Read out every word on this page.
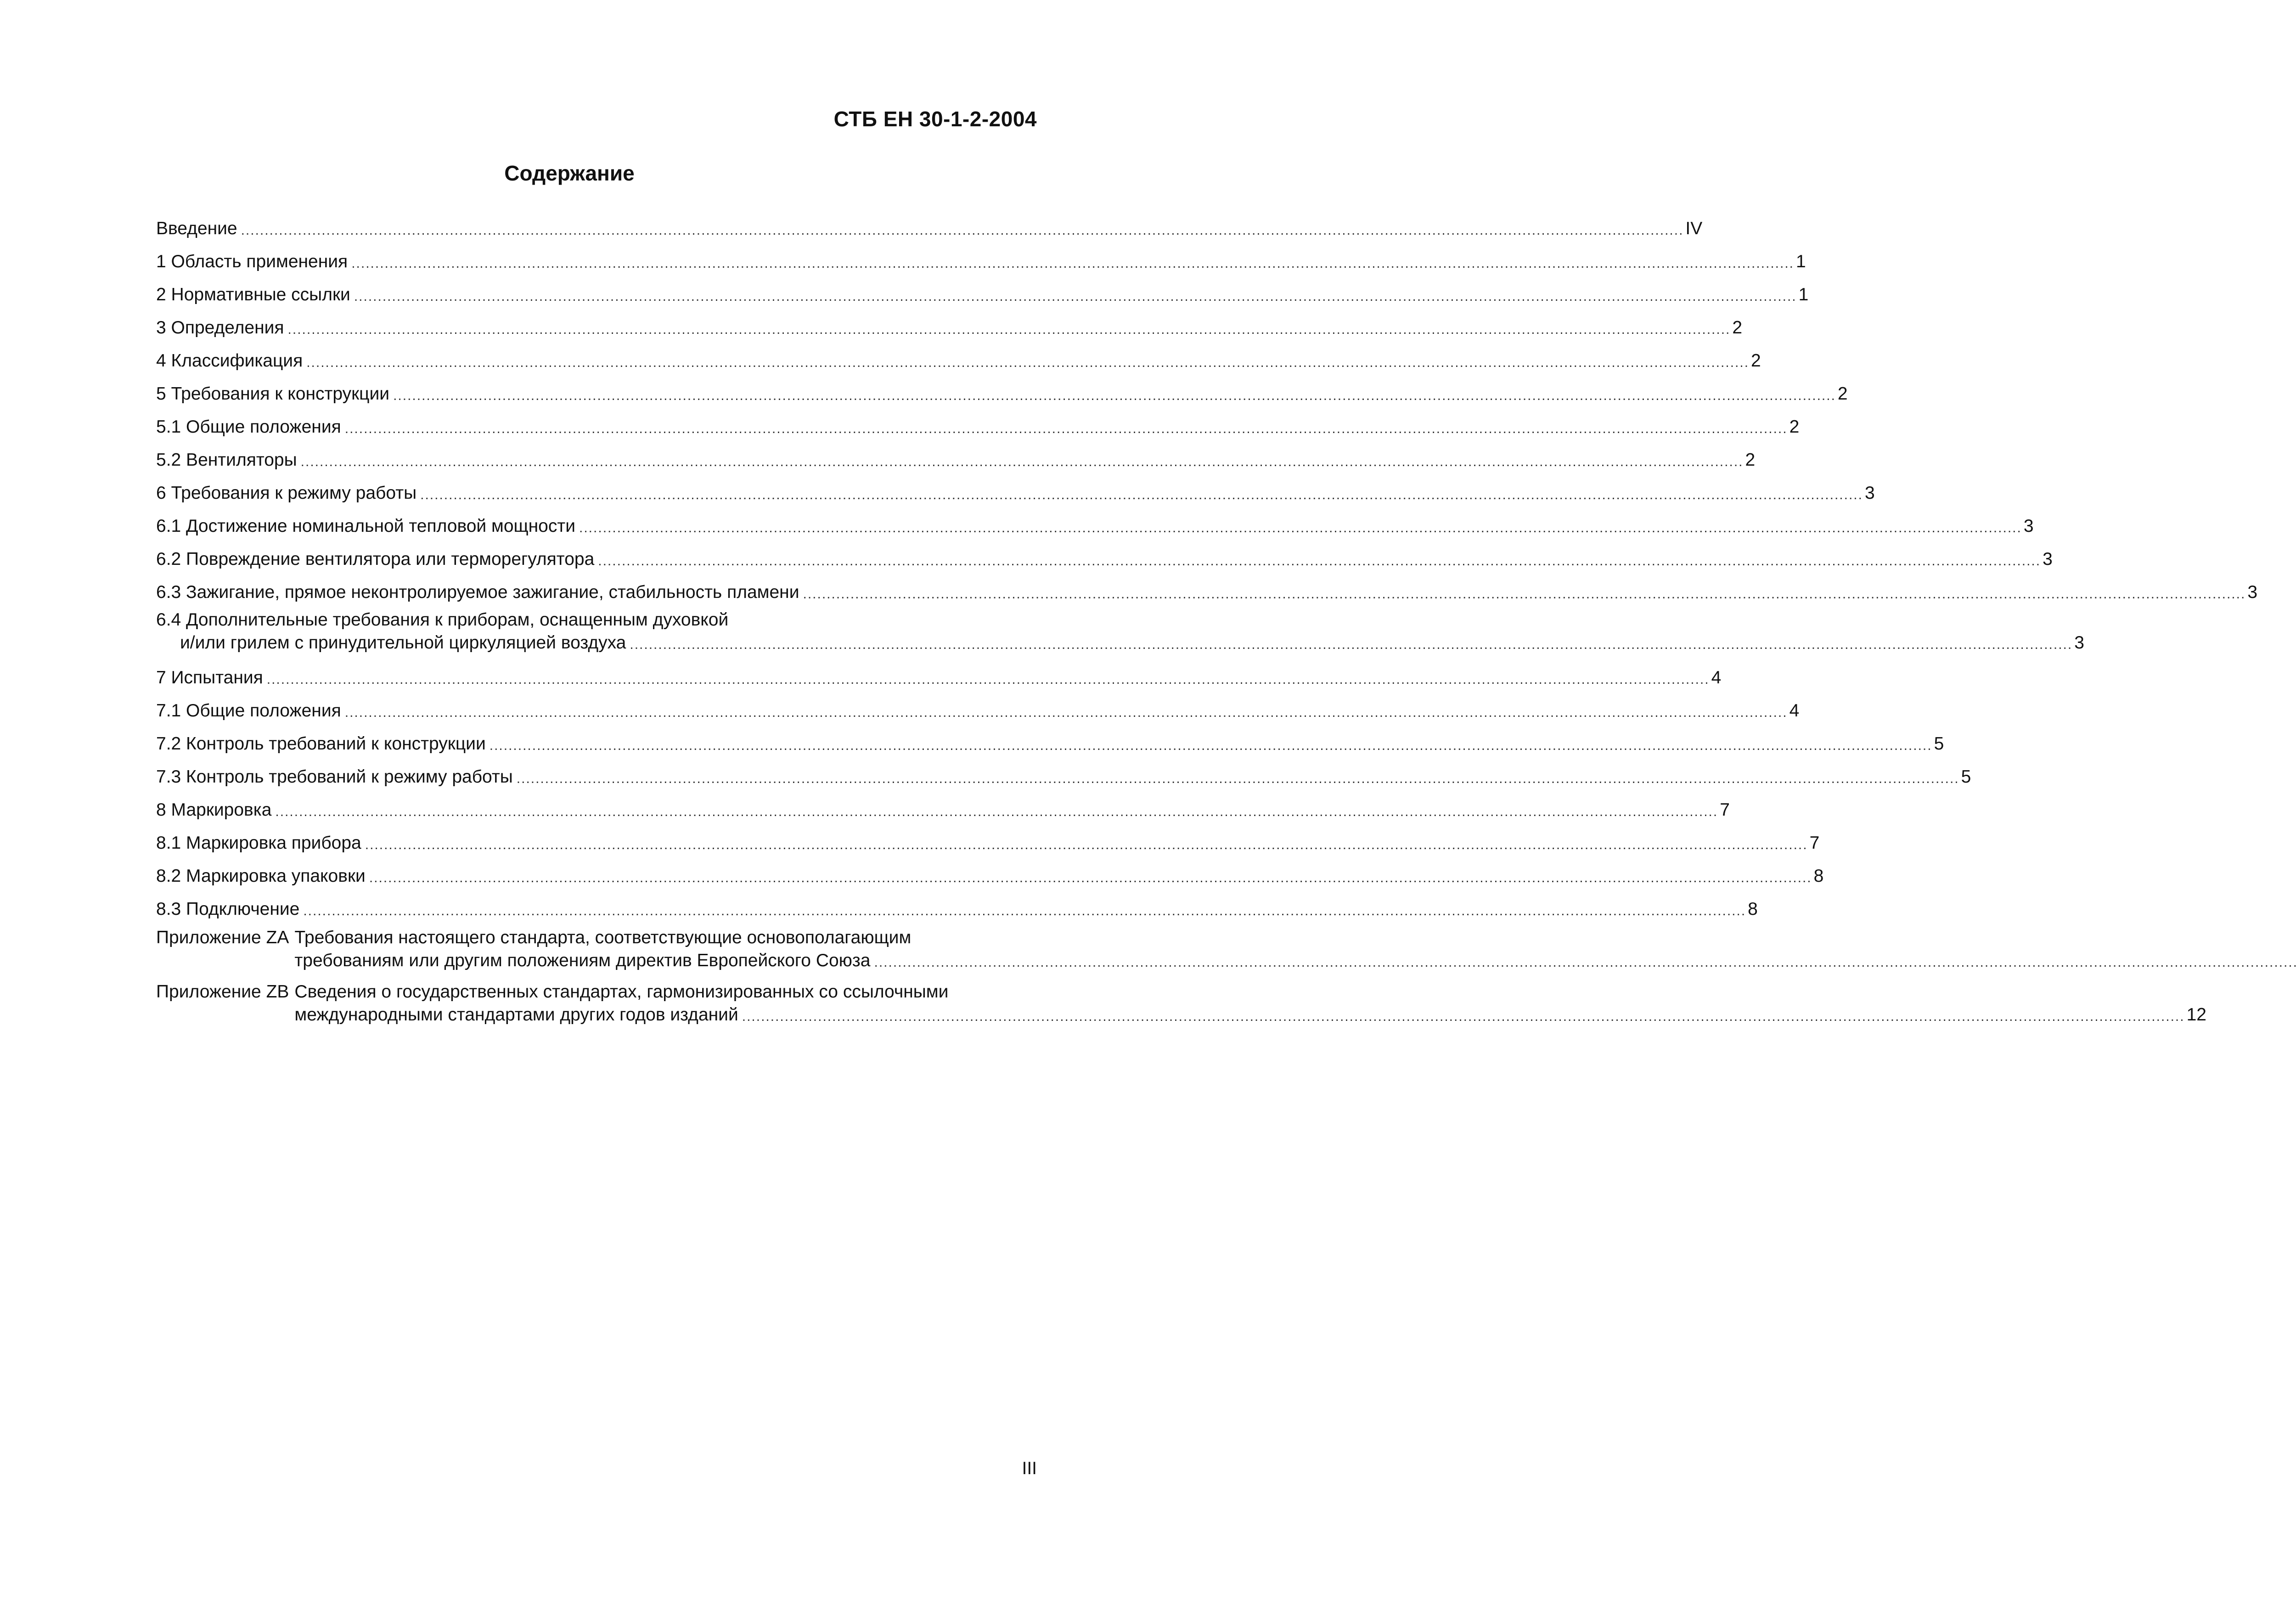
СТБ ЕН 30-1-2-2004
Содержание
Введение .....	IV
1 Область применения .....	1
2 Нормативные ссылки .....	1
3 Определения .....	2
4 Классификация .....	2
5 Требования к конструкции .....	2
5.1 Общие положения .....	2
5.2 Вентиляторы .....	2
6 Требования к режиму работы .....	3
6.1 Достижение номинальной тепловой мощности .....	3
6.2 Повреждение вентилятора или терморегулятора .....	3
6.3 Зажигание, прямое неконтролируемое зажигание, стабильность пламени .....	3
6.4 Дополнительные требования к приборам, оснащенным духовкой
и/или грилем с принудительной циркуляцией воздуха .....	3
7 Испытания .....	4
7.1 Общие положения .....	4
7.2 Контроль требований к конструкции .....	5
7.3 Контроль требований к режиму работы .....	5
8 Маркировка .....	7
8.1 Маркировка прибора .....	7
8.2 Маркировка упаковки .....	8
8.3 Подключение .....	8
Приложение ZA Требования настоящего стандарта, соответствующие основополагающим
требованиям или другим положениям директив Европейского Союза
.....
Приложение ZB Сведения о государственных стандартах, гармонизированных со ссылочными
международными стандартами других годов изданий .....	12
III
